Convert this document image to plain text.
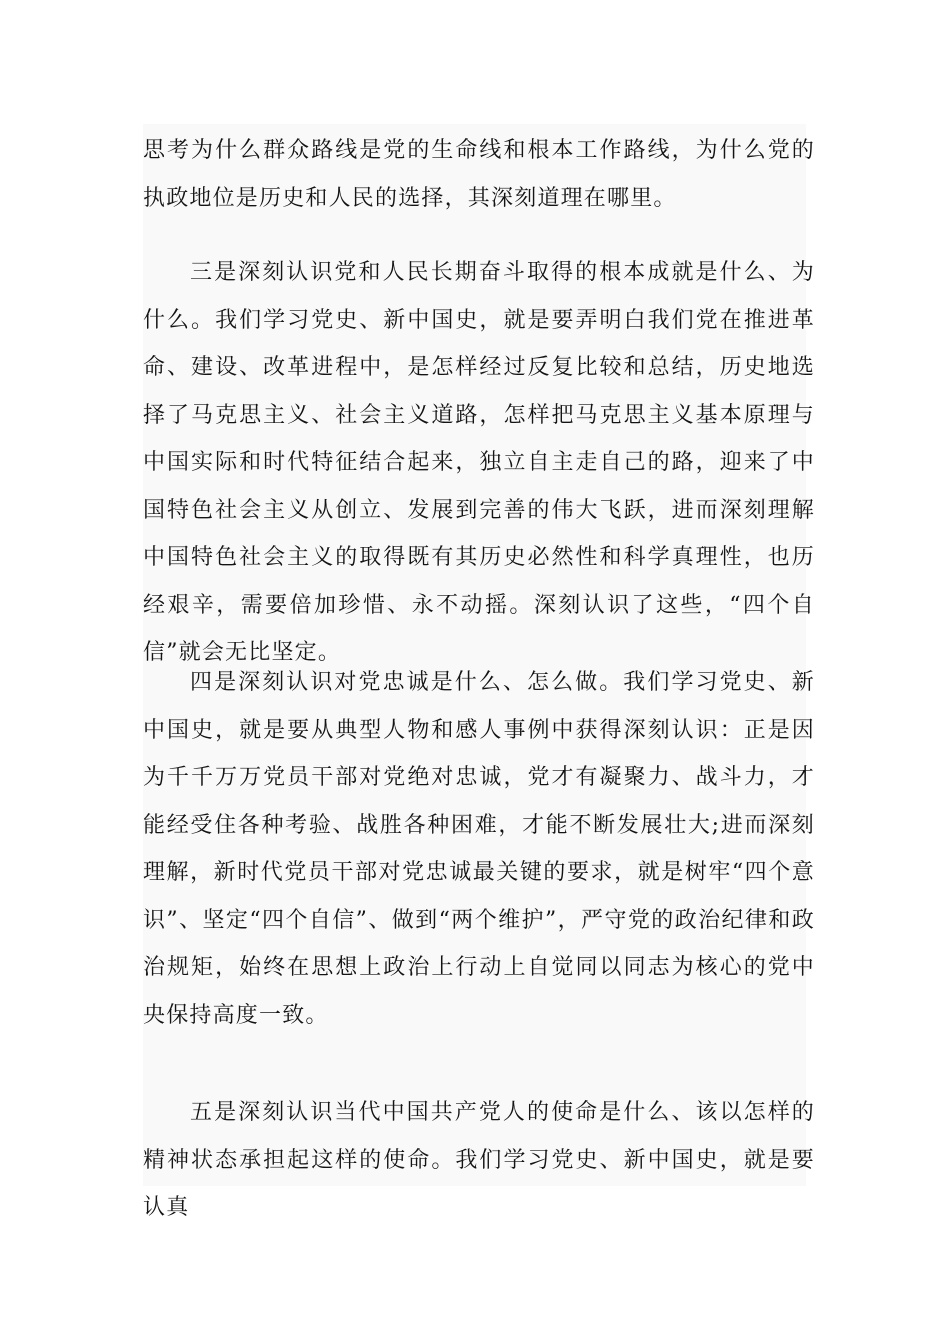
思考为什么群众路线是党的生命线和根本工作路线，为什么党的执政地位是历史和人民的选择，其深刻道理在哪里。

三是深刻认识党和人民长期奋斗取得的根本成就是什么、为什么。我们学习党史、新中国史，就是要弄明白我们党在推进革命、建设、改革进程中，是怎样经过反复比较和总结，历史地选择了马克思主义、社会主义道路，怎样把马克思主义基本原理与中国实际和时代特征结合起来，独立自主走自己的路，迎来了中国特色社会主义从创立、发展到完善的伟大飞跃，进而深刻理解中国特色社会主义的取得既有其历史必然性和科学真理性，也历经艰辛，需要倍加珍惜、永不动摇。深刻认识了这些，“四个自信”就会无比坚定。

四是深刻认识对党忠诚是什么、怎么做。我们学习党史、新中国史，就是要从典型人物和感人事例中获得深刻认识：正是因为千千万万党员干部对党绝对忠诚，党才有凝聚力、战斗力，才能经受住各种考验、战胜各种困难，才能不断发展壮大;进而深刻理解，新时代党员干部对党忠诚最关键的要求，就是树牢“四个意识”、坚定“四个自信”、做到“两个维护”，严守党的政治纪律和政治规矩，始终在思想上政治上行动上自觉同以同志为核心的党中央保持高度一致。

五是深刻认识当代中国共产党人的使命是什么、该以怎样的精神状态承担起这样的使命。我们学习党史、新中国史，就是要认真
